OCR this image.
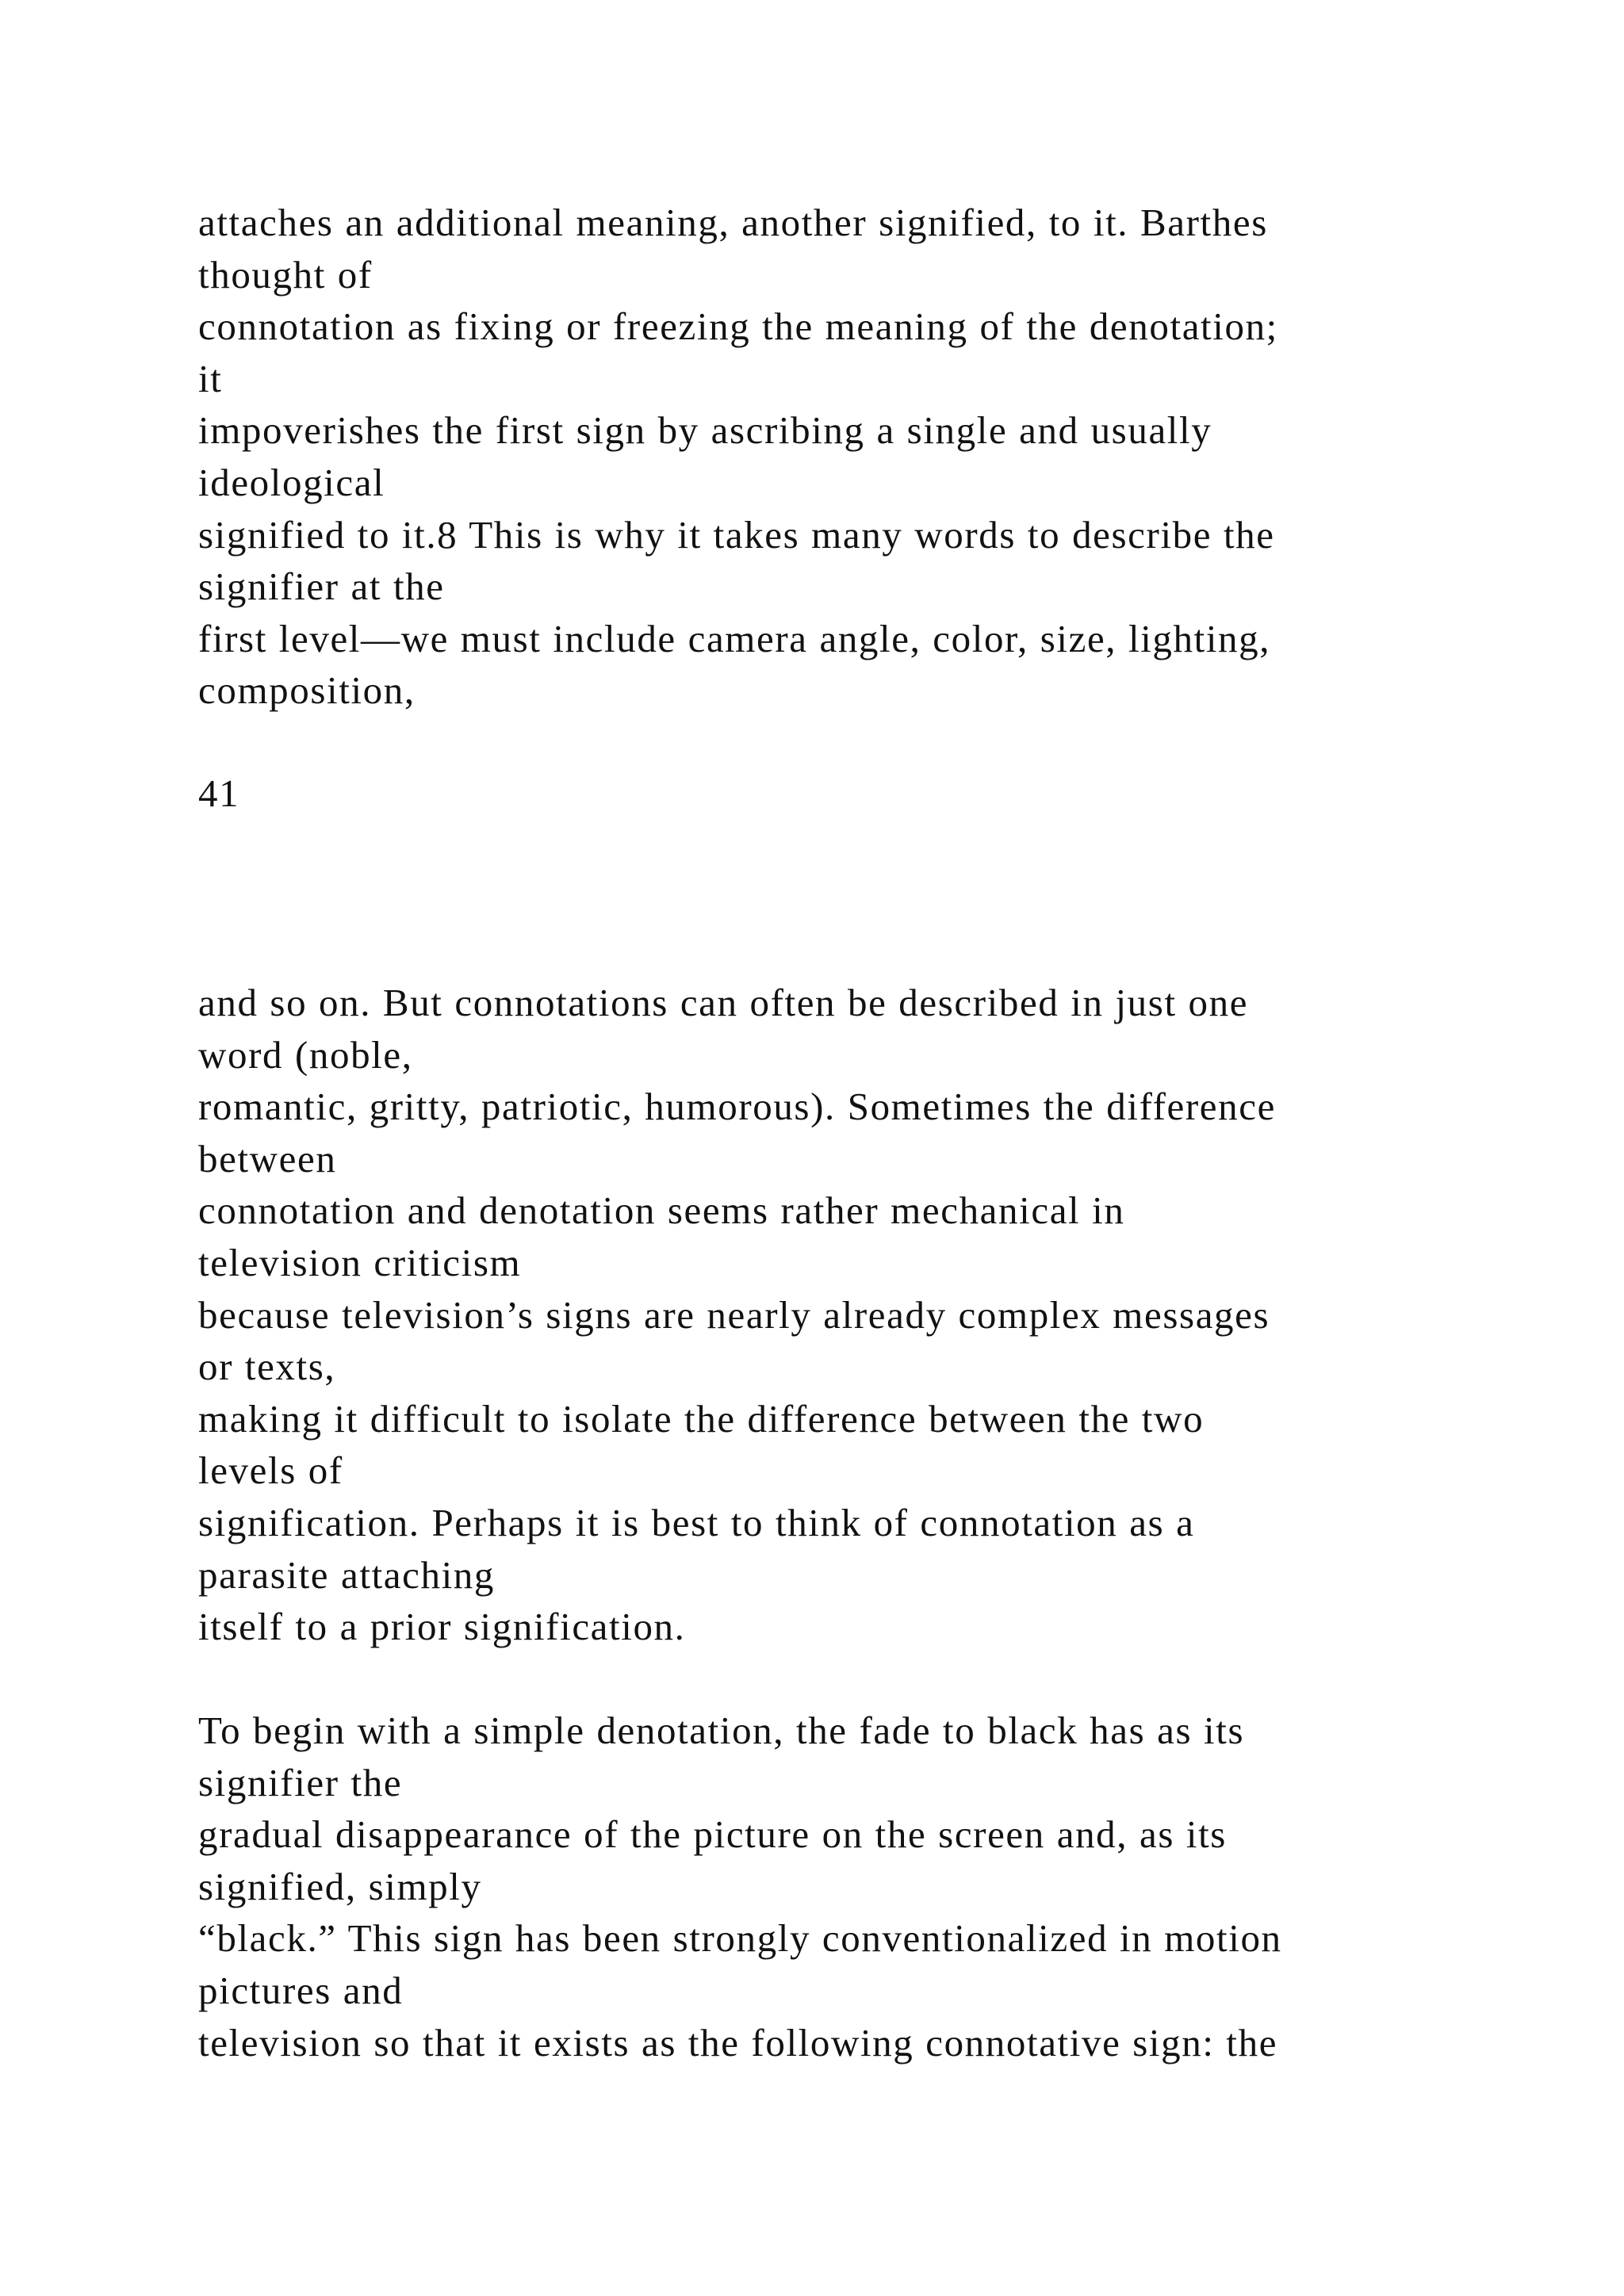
attaches an additional meaning, another signified, to it. Barthes
thought of
connotation as fixing or freezing the meaning of the denotation;
it
impoverishes the first sign by ascribing a single and usually
ideological
signified to it.8 This is why it takes many words to describe the
signifier at the
first level—we must include camera angle, color, size, lighting,
composition,
41
and so on. But connotations can often be described in just one
word (noble,
romantic, gritty, patriotic, humorous). Sometimes the difference
between
connotation and denotation seems rather mechanical in
television criticism
because television’s signs are nearly already complex messages
or texts,
making it difficult to isolate the difference between the two
levels of
signification. Perhaps it is best to think of connotation as a
parasite attaching
itself to a prior signification.
To begin with a simple denotation, the fade to black has as its
signifier the
gradual disappearance of the picture on the screen and, as its
signified, simply
“black.” This sign has been strongly conventionalized in motion
pictures and
television so that it exists as the following connotative sign: the
